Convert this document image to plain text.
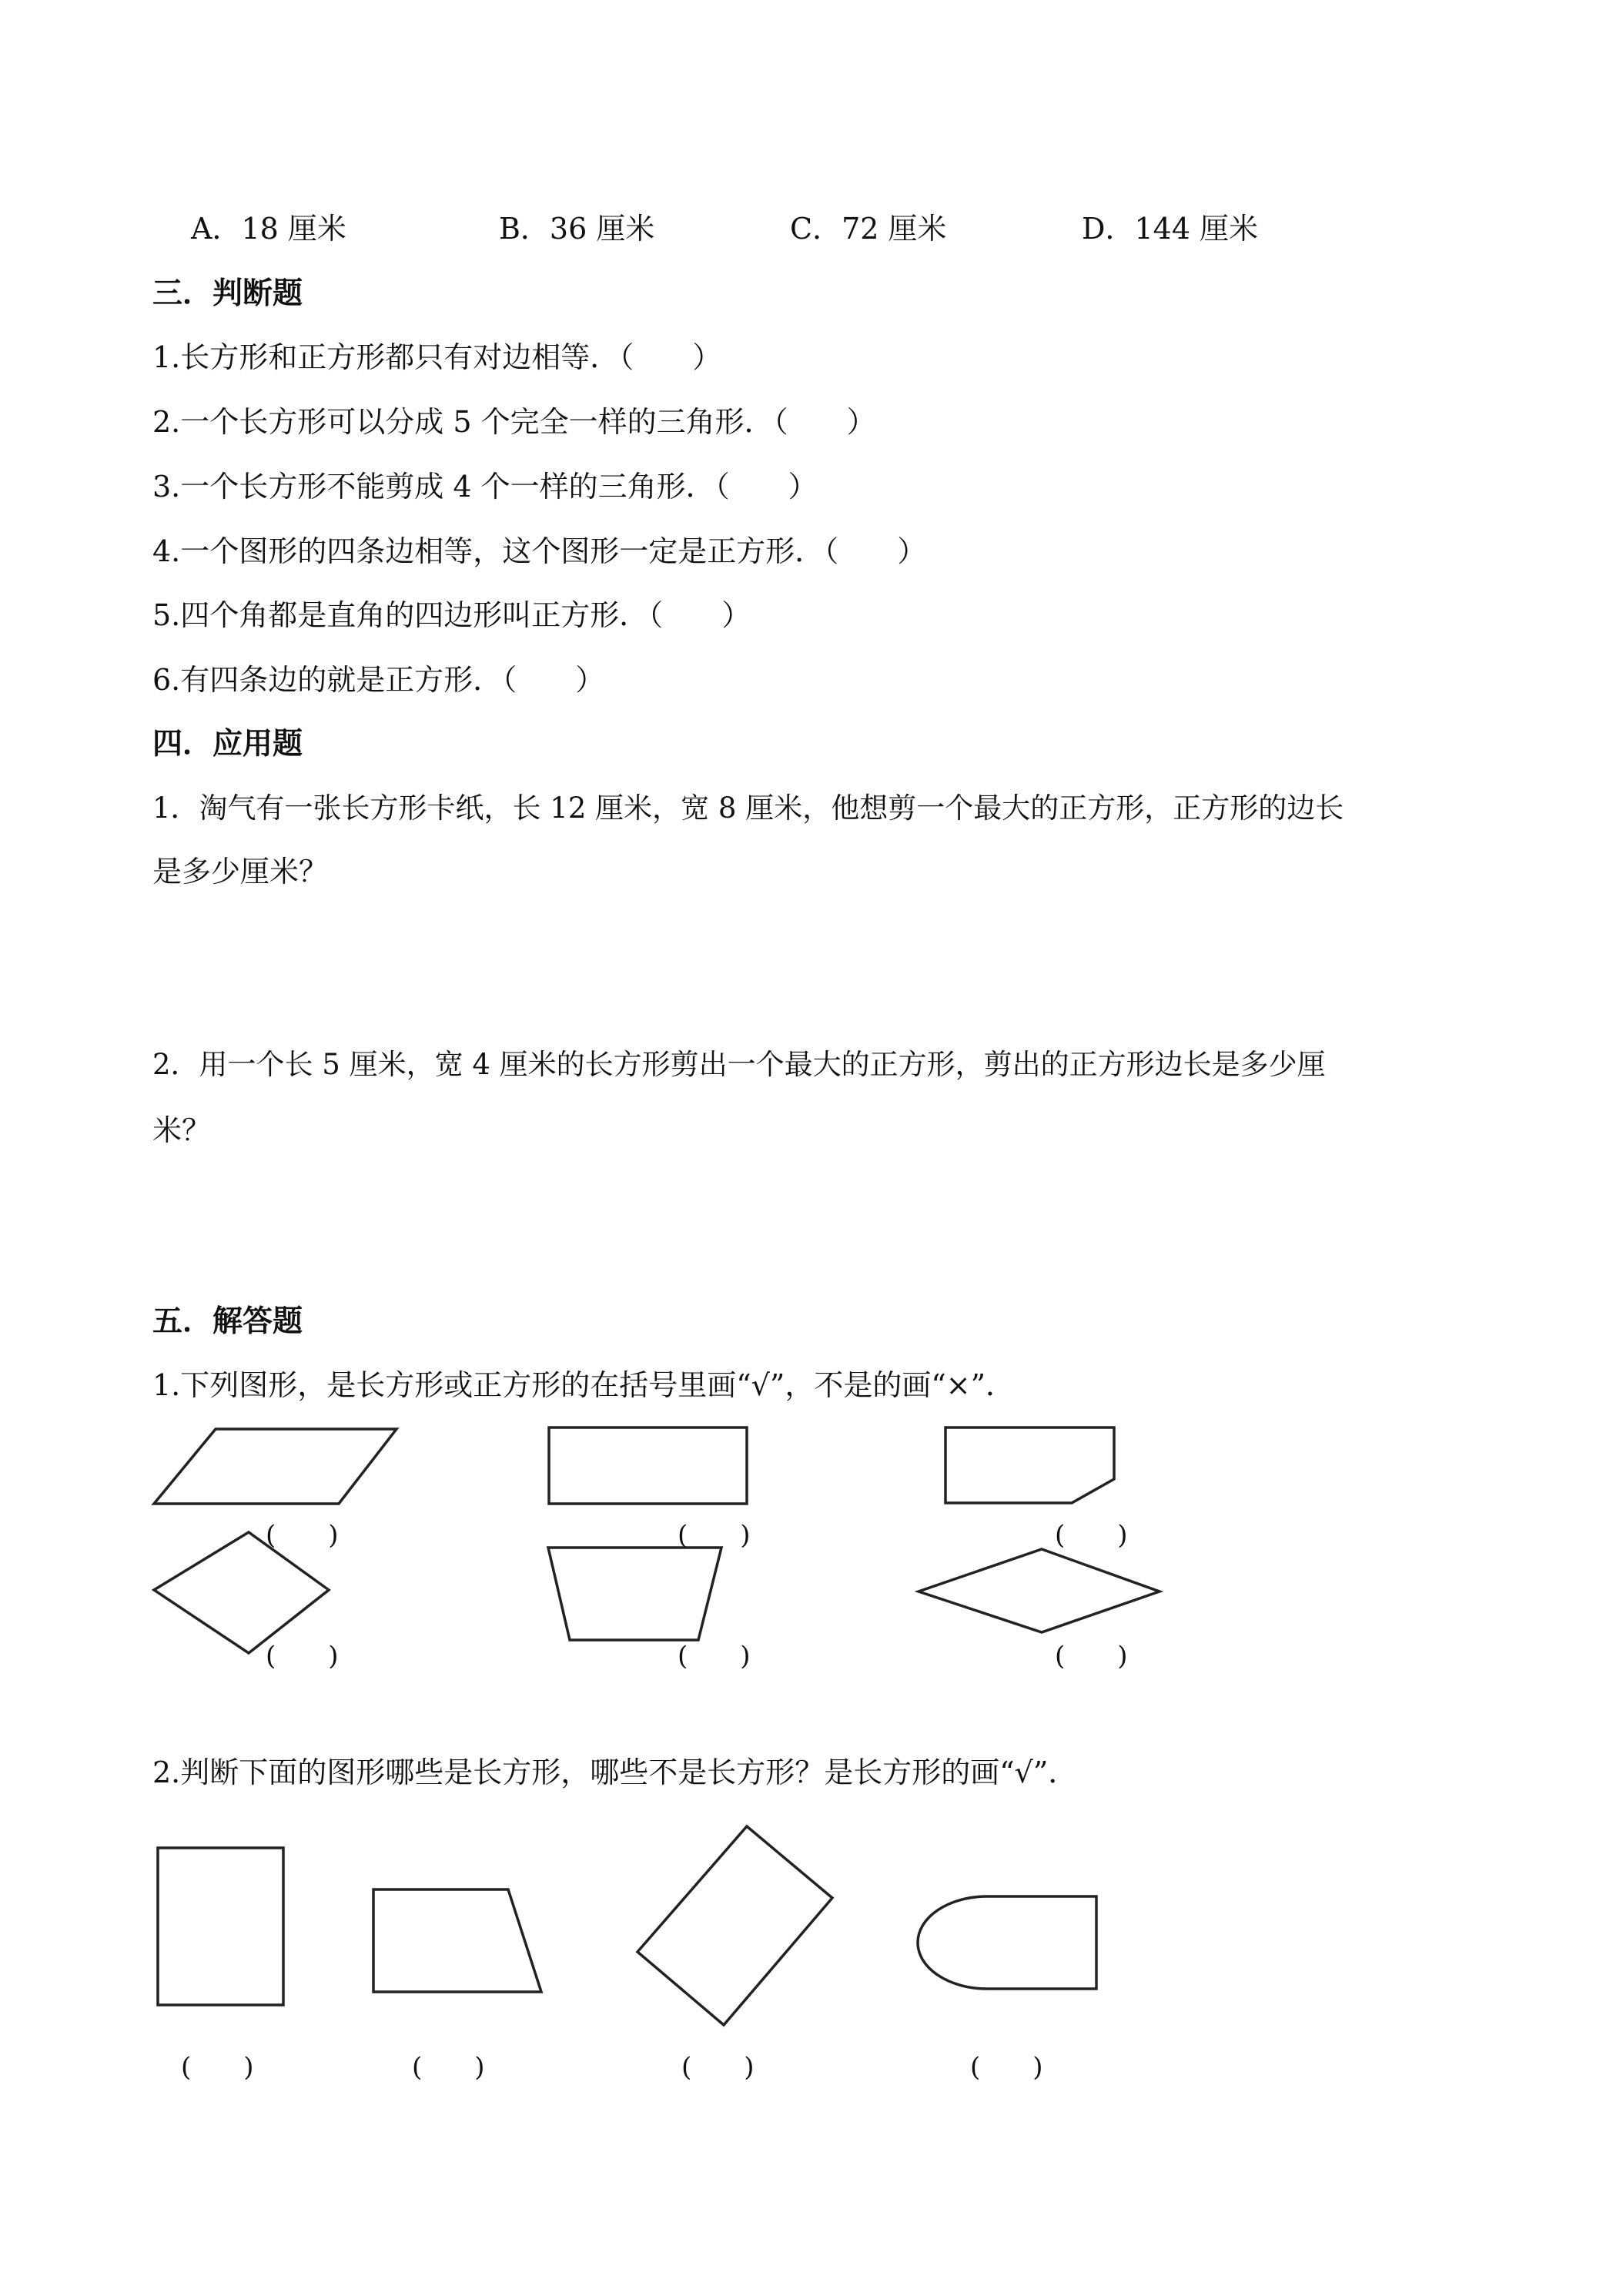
A．18 厘米	B．36 厘米	C．72 厘米	D．144 厘米
三．判断题
1.长方形和正方形都只有对边相等．（　　）
2.一个长方形可以分成 5 个完全一样的三角形．（　　）
3.一个长方形不能剪成 4 个一样的三角形．（　　）
4.一个图形的四条边相等，这个图形一定是正方形．（　　）
5.四个角都是直角的四边形叫正方形．（　　）
6.有四条边的就是正方形．（　　）
四．应用题
1．淘气有一张长方形卡纸，长 12 厘米，宽 8 厘米，他想剪一个最大的正方形，正方形的边长
是多少厘米？
2．用一个长 5 厘米，宽 4 厘米的长方形剪出一个最大的正方形，剪出的正方形边长是多少厘
米？
五．解答题
1.下列图形，是长方形或正方形的在括号里画“√”，不是的画“×”．
(　　)	(　　)	(　　)
(　　)	(　　)	(　　)
2.判断下面的图形哪些是长方形，哪些不是长方形？是长方形的画“√”．
(　　)	(　　)	(　　)	(　　)
